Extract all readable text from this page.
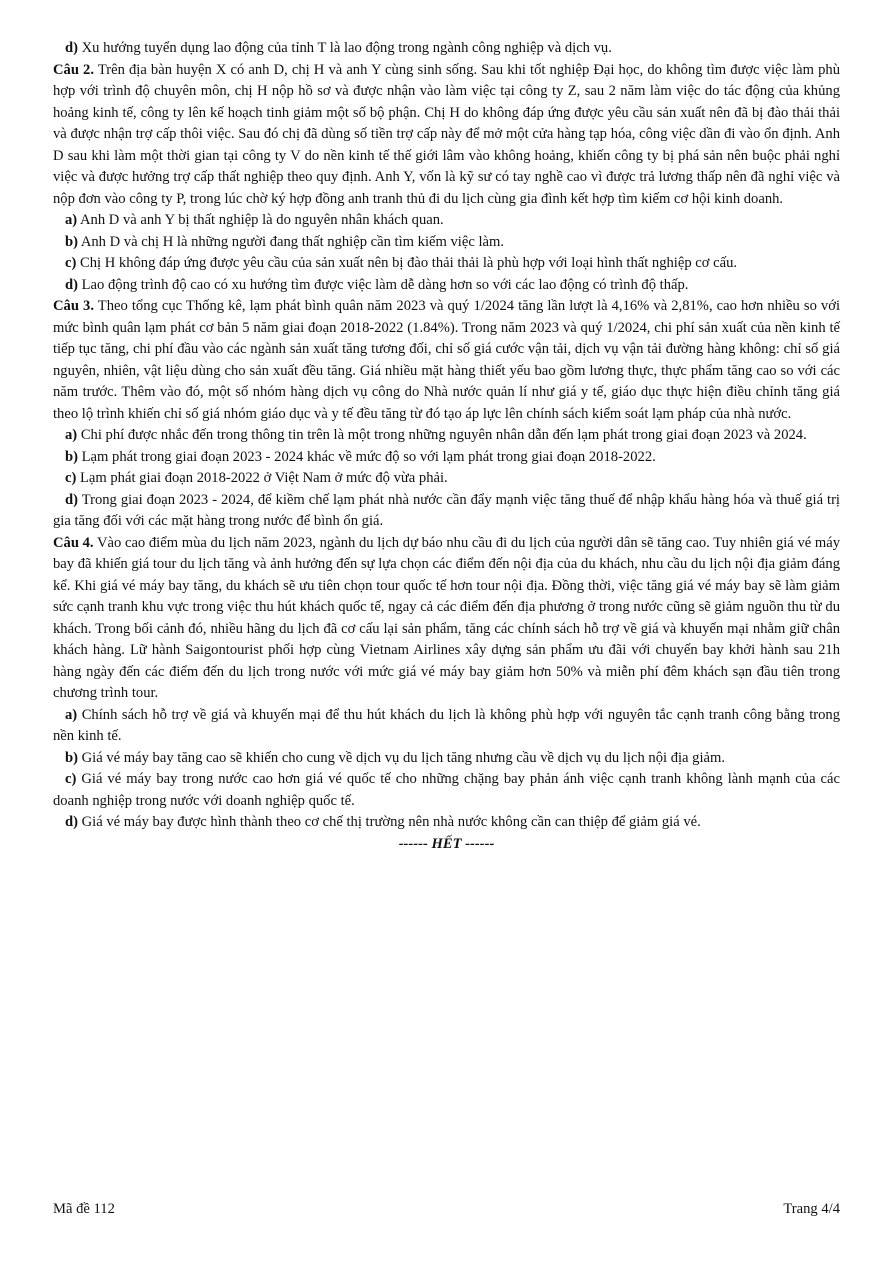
d) Xu hướng tuyển dụng lao động của tỉnh T là lao động trong ngành công nghiệp và dịch vụ.

Câu 2. Trên địa bàn huyện X có anh D, chị H và anh Y cùng sinh sống. Sau khi tốt nghiệp Đại học, do không tìm được việc làm phù hợp với trình độ chuyên môn, chị H nộp hồ sơ và được nhận vào làm việc tại công ty Z, sau 2 năm làm việc do tác động của khủng hoảng kinh tế, công ty lên kế hoạch tinh giảm một số bộ phận. Chị H do không đáp ứng được yêu cầu sản xuất nên đã bị đào thải thải và được nhận trợ cấp thôi việc. Sau đó chị đã dùng số tiền trợ cấp này để mở một cửa hàng tạp hóa, công việc dần đi vào ổn định. Anh D sau khi làm một thời gian tại công ty V do nền kinh tế thế giới lâm vào không hoảng, khiến công ty bị phá sản nên buộc phải nghỉ việc và được hưởng trợ cấp thất nghiệp theo quy định. Anh Y, vốn là kỹ sư có tay nghề cao vì được trả lương thấp nên đã nghỉ việc và nộp đơn vào công ty P, trong lúc chờ ký hợp đồng anh tranh thủ đi du lịch cùng gia đình kết hợp tìm kiếm cơ hội kinh doanh.

a) Anh D và anh Y bị thất nghiệp là do nguyên nhân khách quan.

b) Anh D và chị H là những người đang thất nghiệp cần tìm kiếm việc làm.

c) Chị H không đáp ứng được yêu cầu của sản xuất nên bị đào thải thải là phù hợp với loại hình thất nghiệp cơ cấu.

d) Lao động trình độ cao có xu hướng tìm được việc làm dễ dàng hơn so với các lao động có trình độ thấp.

Câu 3. Theo tổng cục Thống kê, lạm phát bình quân năm 2023 và quý 1/2024 tăng lần lượt là 4,16% và 2,81%, cao hơn nhiều so với mức bình quân lạm phát cơ bản 5 năm giai đoạn 2018-2022 (1.84%). Trong năm 2023 và quý 1/2024, chi phí sản xuất của nền kinh tế tiếp tục tăng, chi phí đầu vào các ngành sản xuất tăng tương đối, chỉ số giá cước vận tải, dịch vụ vận tải đường hàng không: chỉ số giá nguyên, nhiên, vật liệu dùng cho sản xuất đều tăng. Giá nhiều mặt hàng thiết yếu bao gồm lương thực, thực phẩm tăng cao so với các năm trước. Thêm vào đó, một số nhóm hàng dịch vụ công do Nhà nước quản lí như giá y tế, giáo dục thực hiện điều chỉnh tăng giá theo lộ trình khiến chỉ số giá nhóm giáo dục và y tế đều tăng từ đó tạo áp lực lên chính sách kiểm soát lạm pháp của nhà nước.

a) Chi phí được nhắc đến trong thông tin trên là một trong những nguyên nhân dẫn đến lạm phát trong giai đoạn 2023 và 2024.

b) Lạm phát trong giai đoạn 2023 - 2024 khác về mức độ so với lạm phát trong giai đoạn 2018-2022.

c) Lạm phát giai đoạn 2018-2022 ở Việt Nam ở mức độ vừa phải.

d) Trong giai đoạn 2023 - 2024, để kiềm chế lạm phát nhà nước cần đẩy mạnh việc tăng thuế để nhập khẩu hàng hóa và thuế giá trị gia tăng đối với các mặt hàng trong nước để bình ổn giá.

Câu 4. Vào cao điểm mùa du lịch năm 2023, ngành du lịch dự báo nhu cầu đi du lịch của người dân sẽ tăng cao. Tuy nhiên giá vé máy bay đã khiến giá tour du lịch tăng và ảnh hưởng đến sự lựa chọn các điểm đến nội địa của du khách, nhu cầu du lịch nội địa giảm đáng kể. Khi giá vé máy bay tăng, du khách sẽ ưu tiên chọn tour quốc tế hơn tour nội địa. Đồng thời, việc tăng giá vé máy bay sẽ làm giảm sức cạnh tranh khu vực trong việc thu hút khách quốc tế, ngay cả các điểm đến địa phương ở trong nước cũng sẽ giảm nguồn thu từ du khách. Trong bối cảnh đó, nhiều hãng du lịch đã cơ cấu lại sản phẩm, tăng các chính sách hỗ trợ về giá và khuyến mại nhằm giữ chân khách hàng. Lữ hành Saigontourist phối hợp cùng Vietnam Airlines xây dựng sản phẩm ưu đãi với chuyến bay khởi hành sau 21h hàng ngày đến các điểm đến du lịch trong nước với mức giá vé máy bay giảm hơn 50% và miễn phí đêm khách sạn đầu tiên trong chương trình tour.

a) Chính sách hỗ trợ về giá và khuyến mại để thu hút khách du lịch là không phù hợp với nguyên tắc cạnh tranh công bằng trong nền kinh tế.

b) Giá vé máy bay tăng cao sẽ khiến cho cung về dịch vụ du lịch tăng nhưng cầu về dịch vụ du lịch nội địa giảm.

c) Giá vé máy bay trong nước cao hơn giá vé quốc tế cho những chặng bay phản ánh việc cạnh tranh không lành mạnh của các doanh nghiệp trong nước với doanh nghiệp quốc tế.

d) Giá vé máy bay được hình thành theo cơ chế thị trường nên nhà nước không cần can thiệp để giảm giá vé.

------ HẾT ------

Mã đề 112	Trang 4/4
